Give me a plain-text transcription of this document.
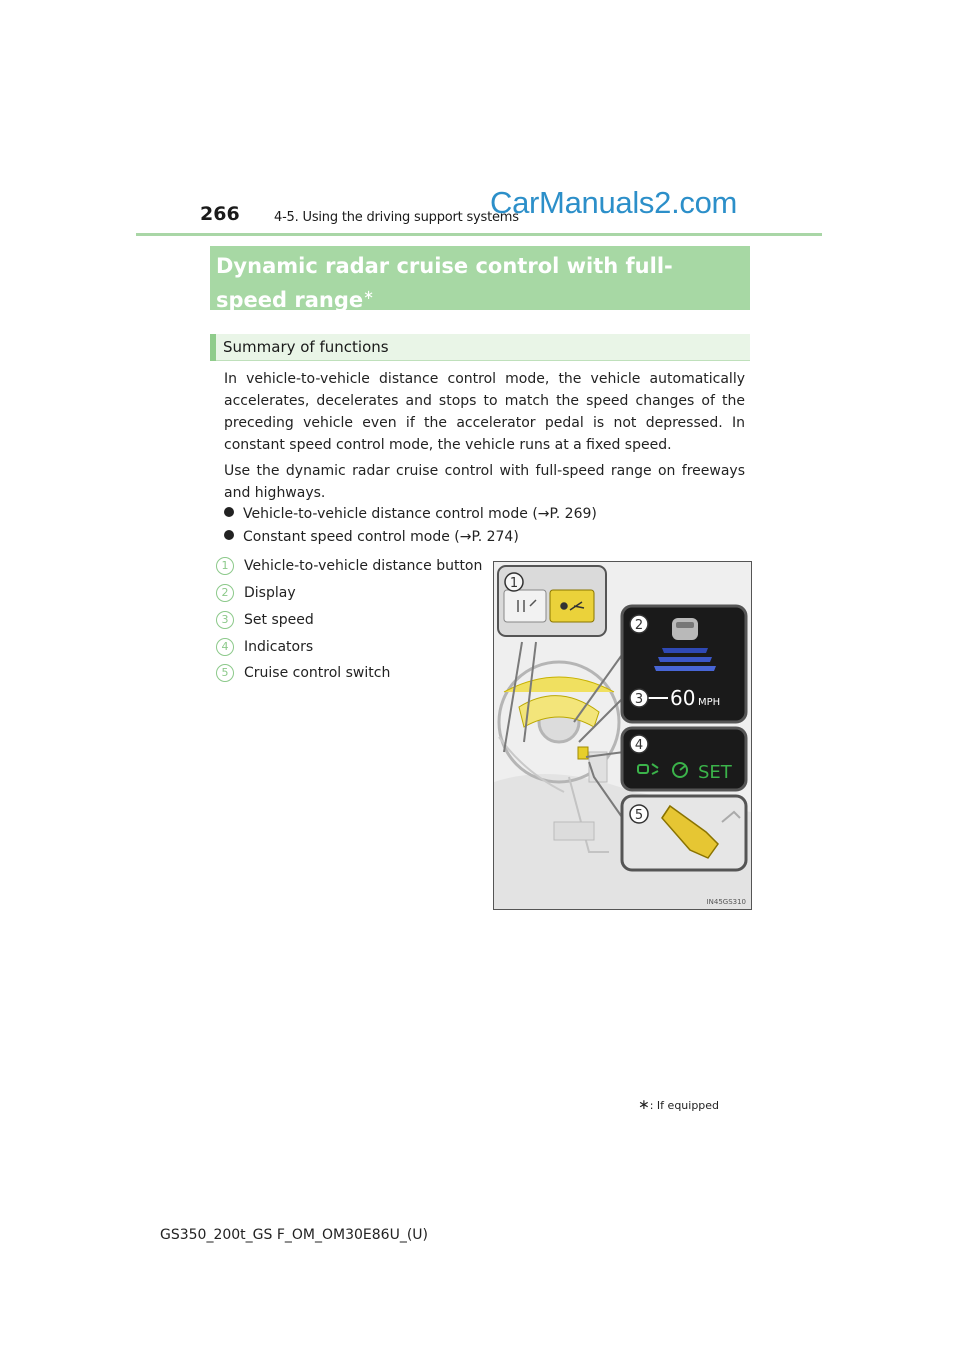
266	4-5. Using the driving support systems
CarManuals2.com
Dynamic radar cruise control with full-speed range∗
Summary of functions
In vehicle-to-vehicle distance control mode, the vehicle automatically accelerates, decelerates and stops to match the speed changes of the preceding vehicle even if the accelerator pedal is not depressed. In constant speed control mode, the vehicle runs at a fixed speed.
Use the dynamic radar cruise control with full-speed range on freeways and highways.
Vehicle-to-vehicle distance control mode (→P. 269)
Constant speed control mode (→P. 274)
1 Vehicle-to-vehicle distance button
2 Display
3 Set speed
4 Indicators
5 Cruise control switch
1
60 MPH
2
3
SET
4
5
IN45GS310
∗: If equipped
GS350_200t_GS F_OM_OM30E86U_(U)
